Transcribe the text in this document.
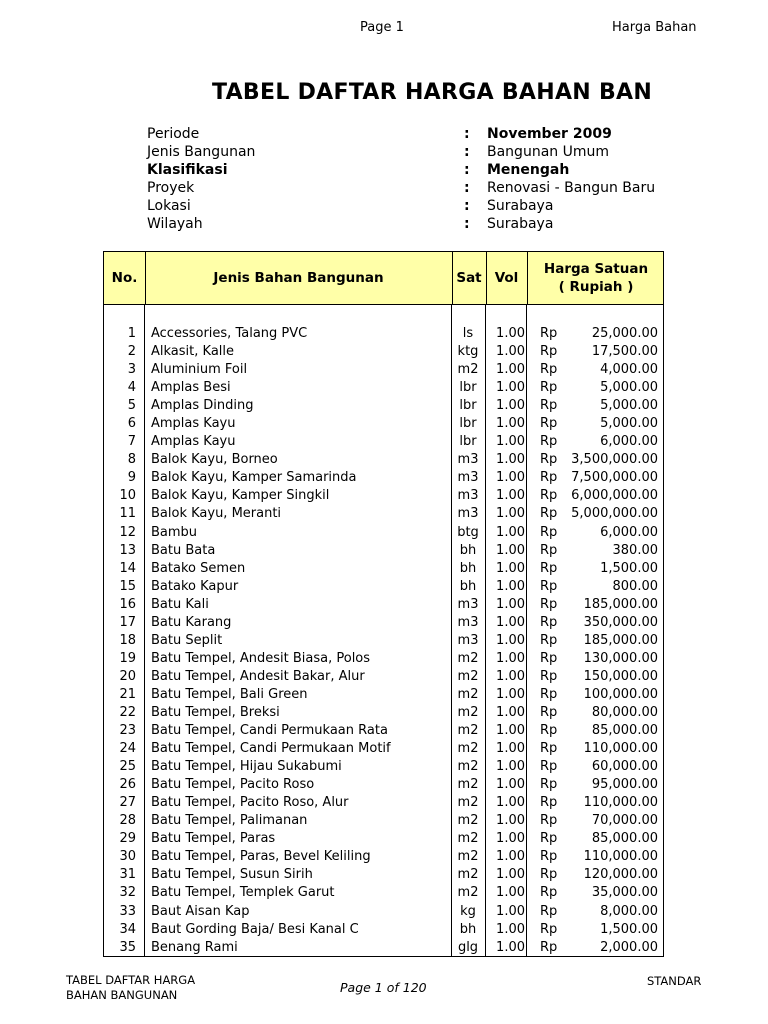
Page 1	Harga Bahan
TABEL DAFTAR HARGA BAHAN BAN
Periode	: November 2009
Jenis Bangunan	: Bangunan Umum
Klasifikasi	: Menengah
Proyek	: Renovasi - Bangun Baru
Lokasi	: Surabaya
Wilayah	: Surabaya
No.	Jenis Bahan Bangunan	Sat Vol
Harga Satuan
( Rupiah )
1 Accessories, Talang PVC	ls	1.00 Rp	25,000.00
2 Alkasit, Kalle	ktg	1.00 Rp	17,500.00
3 Aluminium Foil	m2	1.00 Rp	4,000.00
4 Amplas Besi	lbr	1.00 Rp	5,000.00
5 Amplas Dinding	lbr	1.00 Rp	5,000.00
6 Amplas Kayu	lbr	1.00 Rp	5,000.00
7 Amplas Kayu	lbr	1.00 Rp	6,000.00
8 Balok Kayu, Borneo	m3	1.00 Rp	3,500,000.00
9 Balok Kayu, Kamper Samarinda	m3	1.00 Rp	7,500,000.00
10 Balok Kayu, Kamper Singkil	m3	1.00 Rp	6,000,000.00
11 Balok Kayu, Meranti	m3	1.00 Rp	5,000,000.00
12 Bambu	btg	1.00 Rp	6,000.00
13 Batu Bata	bh	1.00 Rp	380.00
14 Batako Semen	bh	1.00 Rp	1,500.00
15 Batako Kapur	bh	1.00 Rp	800.00
16 Batu Kali	m3	1.00 Rp	185,000.00
17 Batu Karang	m3	1.00 Rp	350,000.00
18 Batu Seplit	m3	1.00 Rp	185,000.00
19 Batu Tempel, Andesit Biasa, Polos	m2	1.00 Rp	130,000.00
20 Batu Tempel, Andesit Bakar, Alur	m2	1.00 Rp	150,000.00
21 Batu Tempel, Bali Green	m2	1.00 Rp	100,000.00
22 Batu Tempel, Breksi	m2	1.00 Rp	80,000.00
23 Batu Tempel, Candi Permukaan Rata	m2	1.00 Rp	85,000.00
24 Batu Tempel, Candi Permukaan Motif	m2	1.00 Rp	110,000.00
25 Batu Tempel, Hijau Sukabumi	m2	1.00 Rp	60,000.00
26 Batu Tempel, Pacito Roso	m2	1.00 Rp	95,000.00
27 Batu Tempel, Pacito Roso, Alur	m2	1.00 Rp	110,000.00
28 Batu Tempel, Palimanan	m2	1.00 Rp	70,000.00
29 Batu Tempel, Paras	m2	1.00 Rp	85,000.00
30 Batu Tempel, Paras, Bevel Keliling	m2	1.00 Rp	110,000.00
31 Batu Tempel, Susun Sirih	m2	1.00 Rp	120,000.00
32 Batu Tempel, Templek Garut	m2	1.00 Rp	35,000.00
33 Baut Aisan Kap	kg	1.00 Rp	8,000.00
34 Baut Gording Baja/ Besi Kanal C	bh	1.00 Rp	1,500.00
35 Benang Rami	glg	1.00 Rp	2,000.00
TABEL DAFTAR HARGA
BAHAN BANGUNAN	Page 1 of 120	STANDAR
